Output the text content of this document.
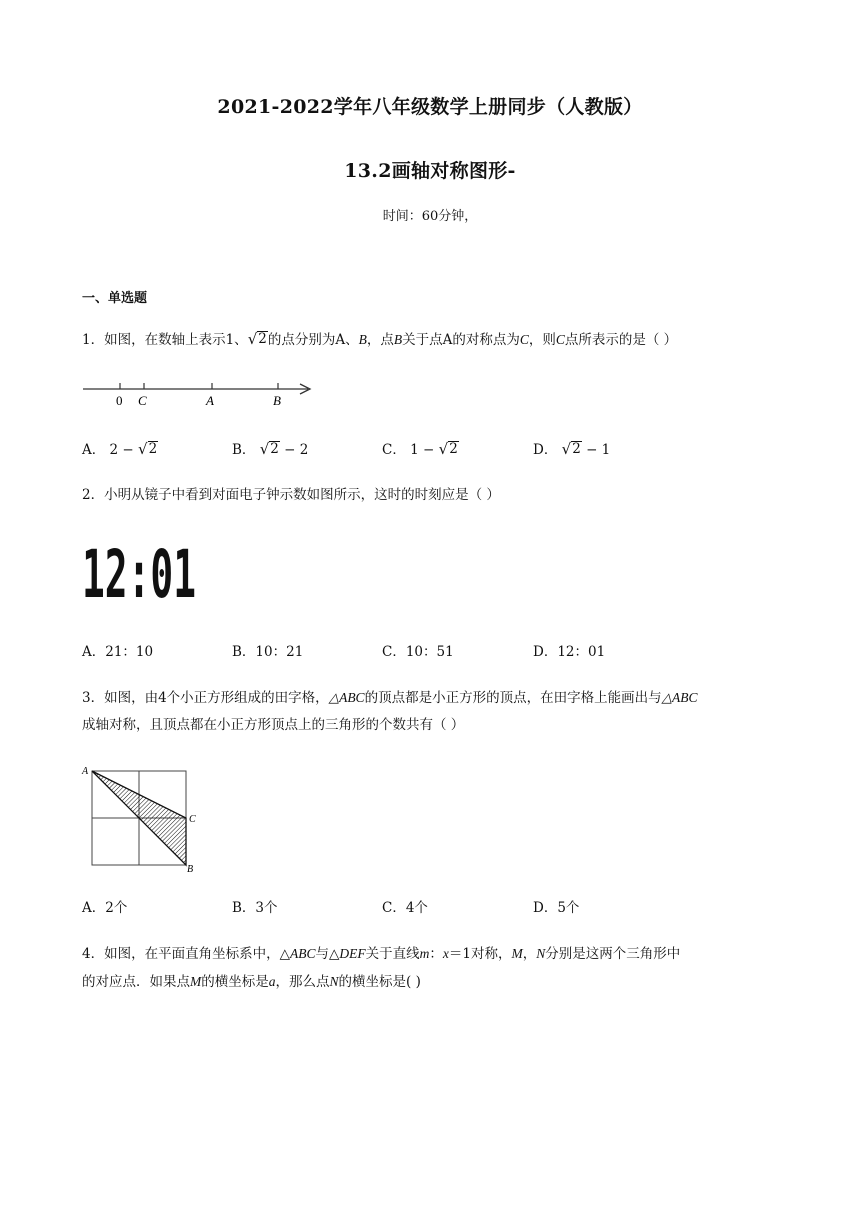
2021-2022学年八年级数学上册同步（人教版）
13.2画轴对称图形-
时间：60分钟，
一、单选题
1．如图，在数轴上表示1、 √ 2 的点分别为A、B，点B关于点A的对称点为C，则C点所表示的是（ ）
0 C	A	B
A． 2 − √ 2	B． √ 2 − 2	C． 1 − √ 2	D． √ 2 − 1
2．小明从镜子中看到对面电子钟示数如图所示，这时的时刻应是（ ）
12:01
A．21：10	B．10：21	C．10：51	D．12：01
3．如图，由4个小正方形组成的田字格，△ABC的顶点都是小正方形的顶点，在田字格上能画出与△ABC
成轴对称，且顶点都在小正方形顶点上的三角形的个数共有（ ）
A
C
B
A．2个	B．3个	C．4个	D．5个
4．如图，在平面直角坐标系中，△ABC与△DEF关于直线m：x＝1对称，M，N分别是这两个三角形中
的对应点．如果点M的横坐标是a，那么点N的横坐标是( )
